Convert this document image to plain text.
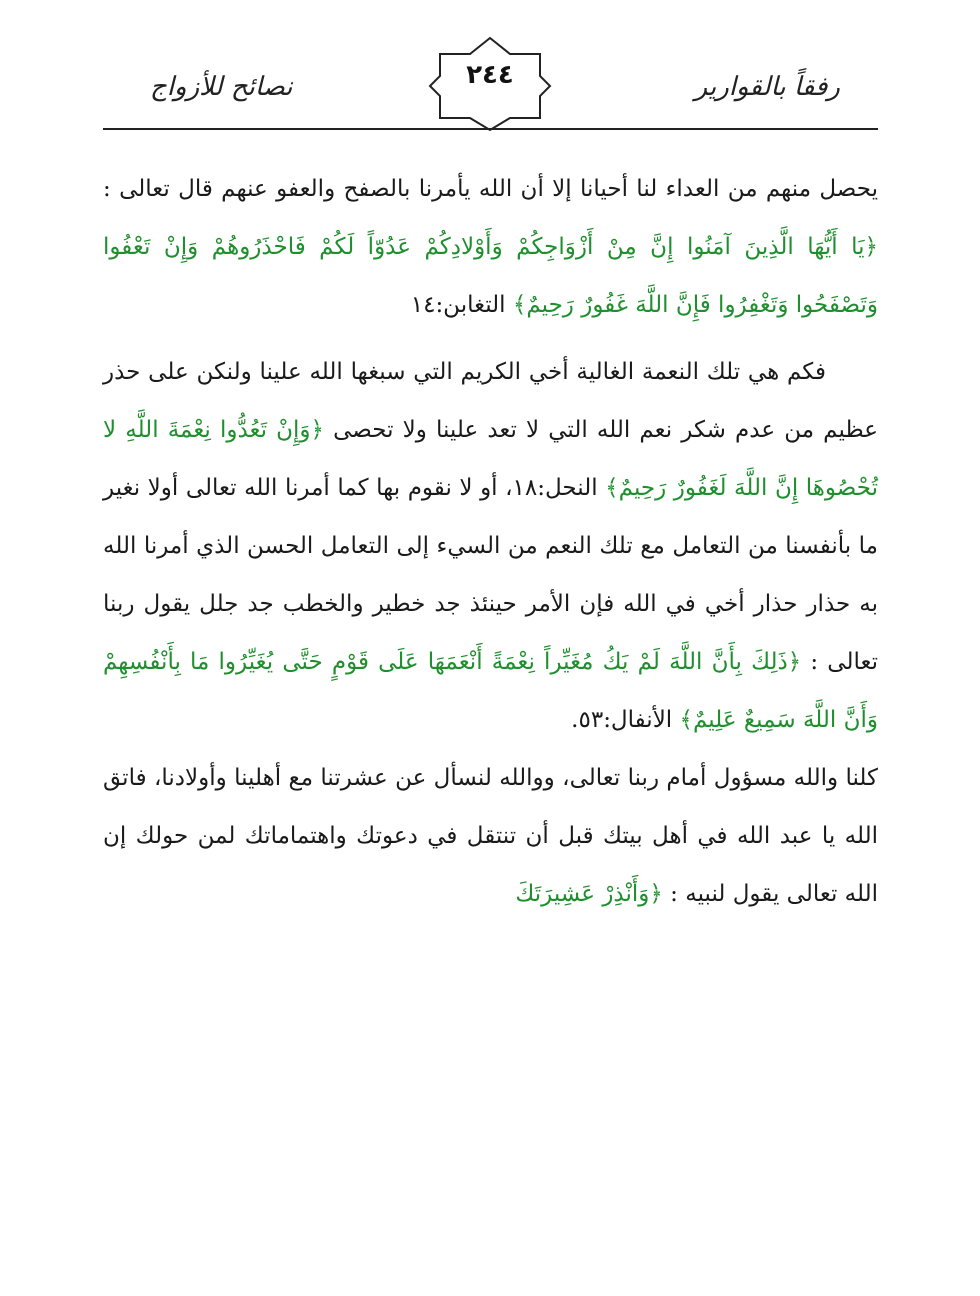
رفقاً بالقوارير
٢٤٤
نصائح للأزواج

يحصل منهم من العداء لنا أحيانا إلا أن الله يأمرنا بالصفح والعفو عنهم قال تعالى : ﴿يَا أَيُّهَا الَّذِينَ آمَنُوا إِنَّ مِنْ أَزْوَاجِكُمْ وَأَوْلادِكُمْ عَدُوّاً لَكُمْ فَاحْذَرُوهُمْ وَإِنْ تَعْفُوا وَتَصْفَحُوا وَتَغْفِرُوا فَإِنَّ اللَّهَ غَفُورٌ رَحِيمٌ﴾ التغابن:١٤

فكم هي تلك النعمة الغالية أخي الكريم التي سبغها الله علينا ولنكن على حذر عظيم من عدم شكر نعم الله التي لا تعد علينا ولا تحصى ﴿وَإِنْ تَعُدُّوا نِعْمَةَ اللَّهِ لا تُحْصُوهَا إِنَّ اللَّهَ لَغَفُورٌ رَحِيمٌ﴾ النحل:١٨، أو لا نقوم بها كما أمرنا الله تعالى أولا نغير ما بأنفسنا من التعامل مع تلك النعم من السيء إلى التعامل الحسن الذي أمرنا الله به حذار حذار أخي في الله فإن الأمر حينئذ جد خطير والخطب جد جلل يقول ربنا تعالى : ﴿ذَلِكَ بِأَنَّ اللَّهَ لَمْ يَكُ مُغَيِّراً نِعْمَةً أَنْعَمَهَا عَلَى قَوْمٍ حَتَّى يُغَيِّرُوا مَا بِأَنْفُسِهِمْ وَأَنَّ اللَّهَ سَمِيعٌ عَلِيمٌ﴾ الأنفال:٥٣.

كلنا والله مسؤول أمام ربنا تعالى، ووالله لنسأل عن عشرتنا مع أهلينا وأولادنا، فاتق الله يا عبد الله في أهل بيتك قبل أن تنتقل في دعوتك واهتماماتك لمن حولك إن الله تعالى يقول لنبيه : ﴿وَأَنْذِرْ عَشِيرَتَكَ
